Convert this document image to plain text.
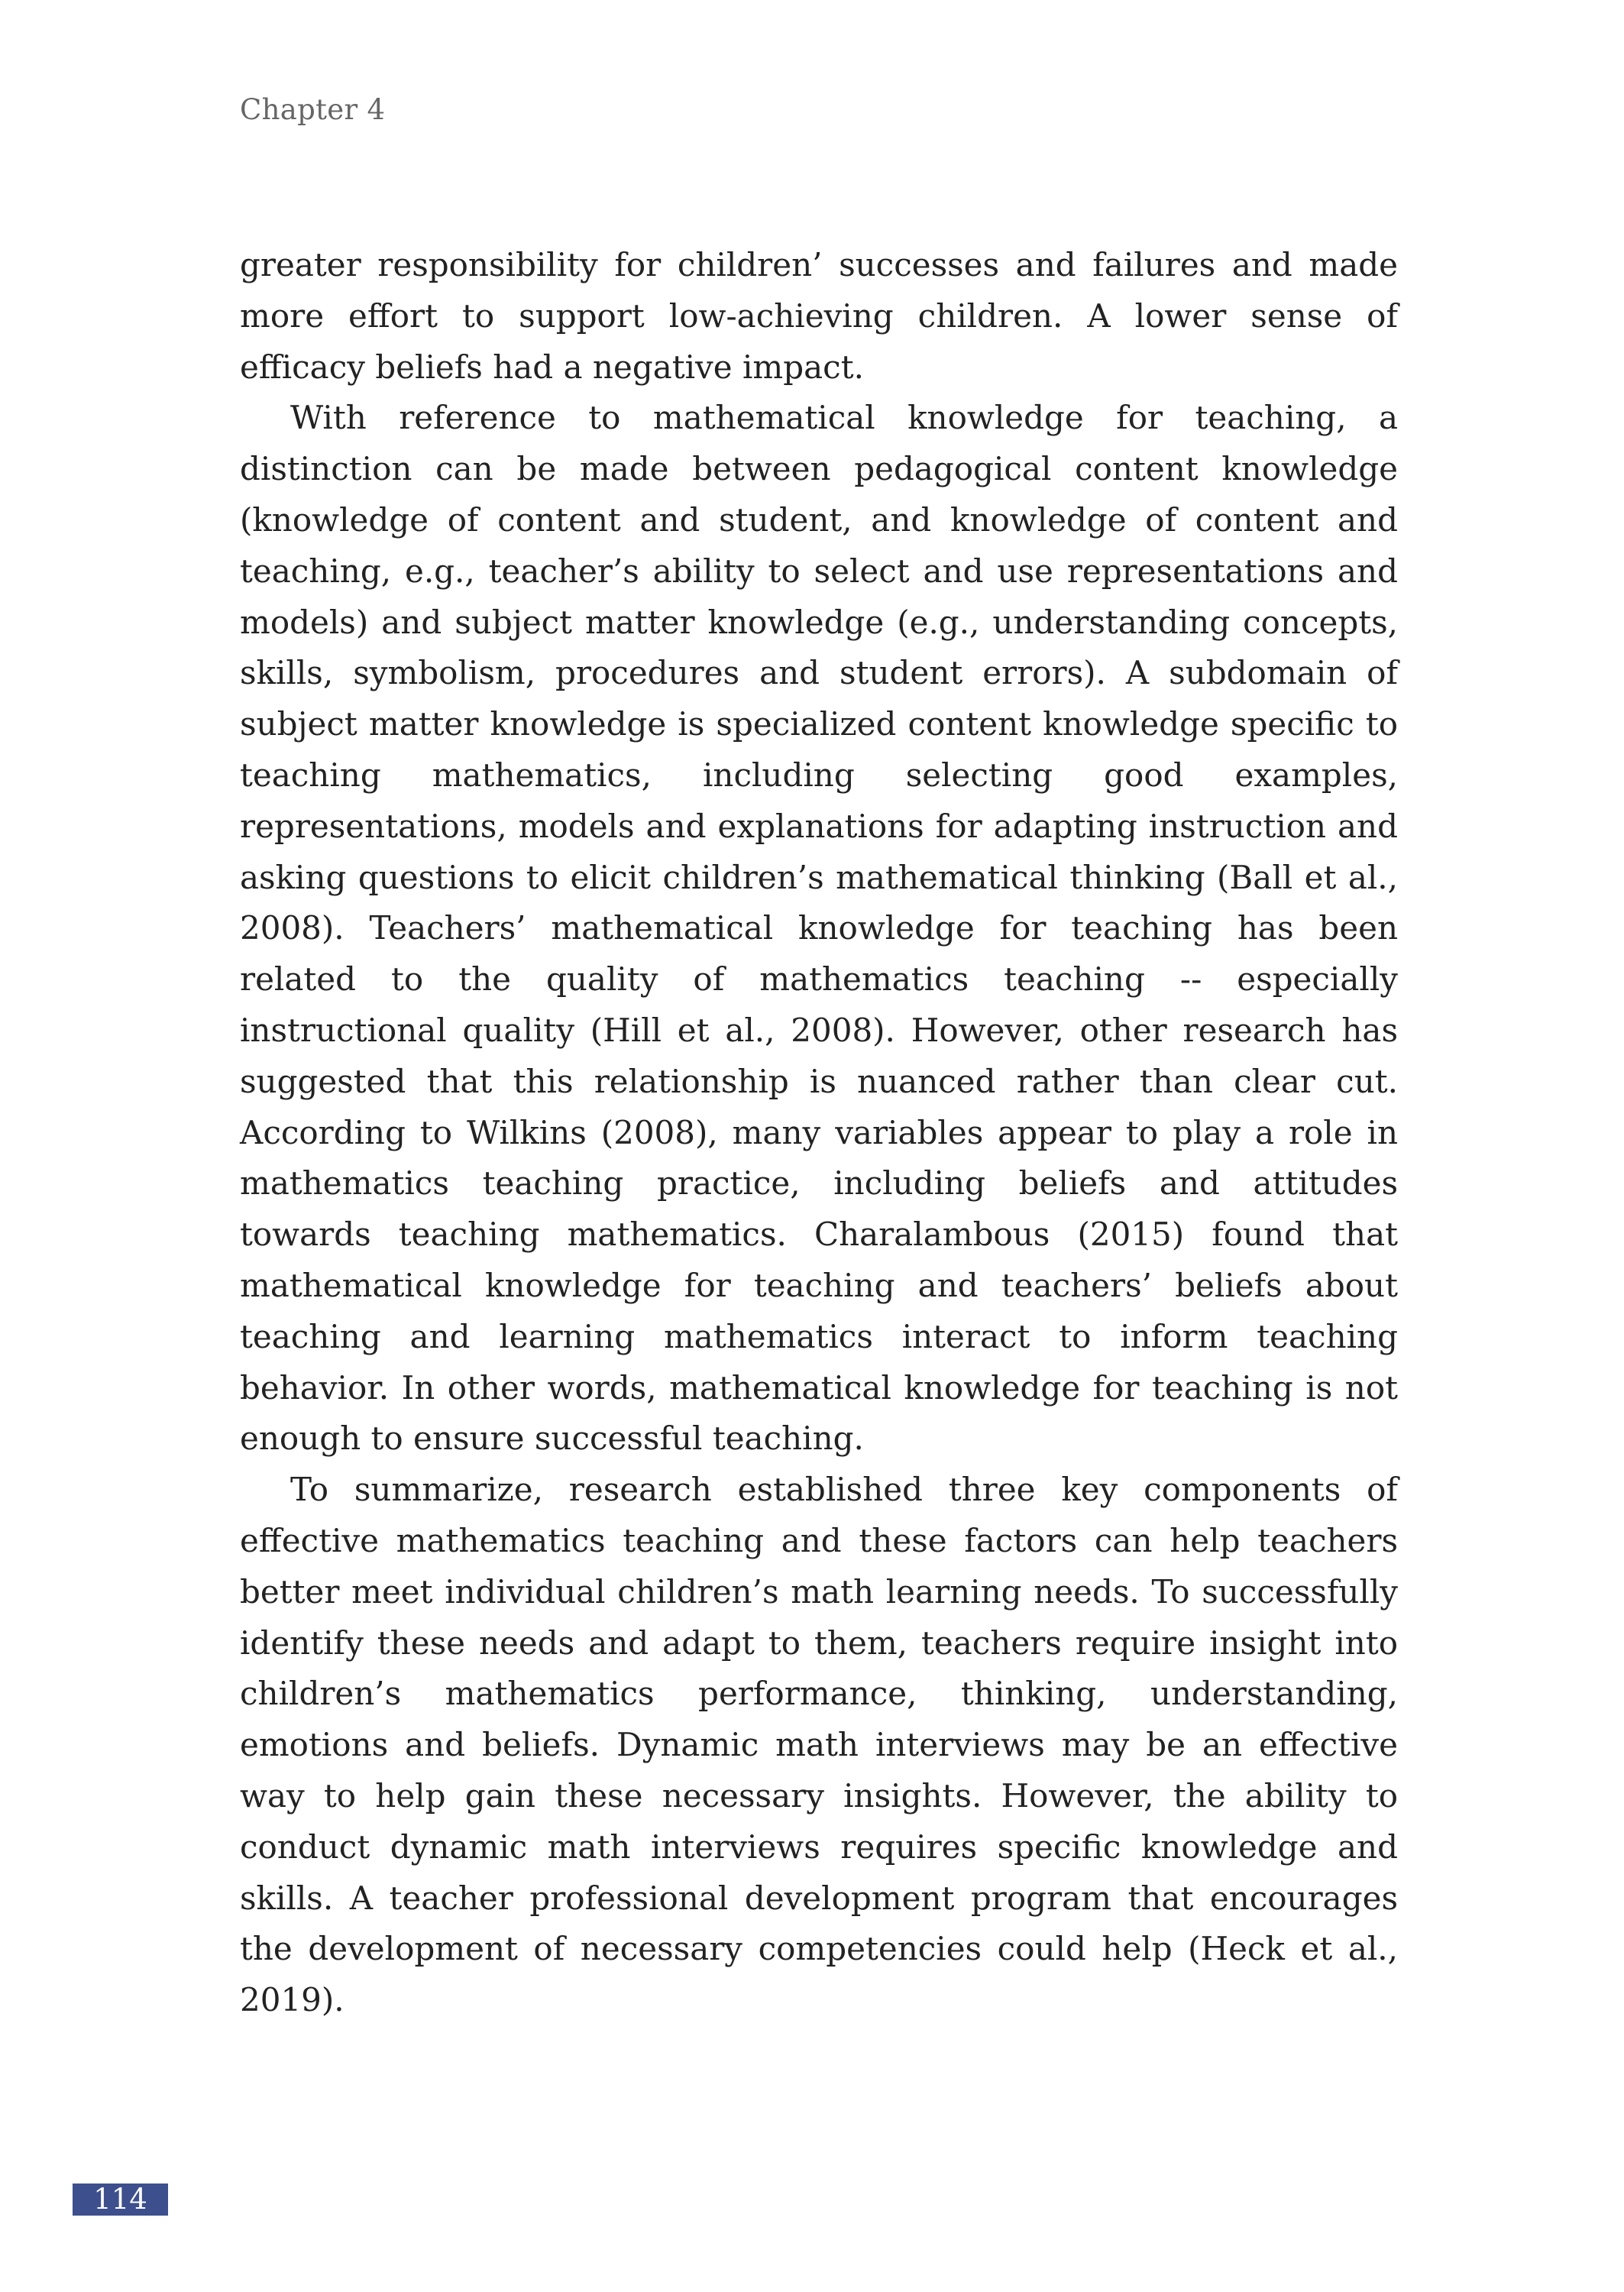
Chapter 4

greater responsibility for children’ successes and failures and made more effort to support low-achieving children. A lower sense of efficacy beliefs had a negative impact.

With reference to mathematical knowledge for teaching, a distinction can be made between pedagogical content knowledge (knowledge of content and student, and knowledge of content and teaching, e.g., teacher’s ability to select and use representations and models) and subject matter knowledge (e.g., understanding concepts, skills, symbolism, procedures and student errors). A subdomain of subject matter knowledge is specialized content knowledge specific to teaching mathematics, including selecting good examples, representations, models and explanations for adapting instruction and asking questions to elicit children’s mathematical thinking (Ball et al., 2008). Teachers’ mathematical knowledge for teaching has been related to the quality of mathematics teaching -- especially instructional quality (Hill et al., 2008). However, other research has suggested that this relationship is nuanced rather than clear cut. According to Wilkins (2008), many variables appear to play a role in mathematics teaching practice, including beliefs and attitudes towards teaching mathematics. Charalambous (2015) found that mathematical knowledge for teaching and teachers’ beliefs about teaching and learning mathematics interact to inform teaching behavior. In other words, mathematical knowledge for teaching is not enough to ensure successful teaching.

To summarize, research established three key components of effective mathematics teaching and these factors can help teachers better meet individual children’s math learning needs. To successfully identify these needs and adapt to them, teachers require insight into children’s mathematics performance, thinking, understanding, emotions and beliefs. Dynamic math interviews may be an effective way to help gain these necessary insights. However, the ability to conduct dynamic math interviews requires specific knowledge and skills. A teacher professional development program that encourages the development of necessary competencies could help (Heck et al., 2019).

114
